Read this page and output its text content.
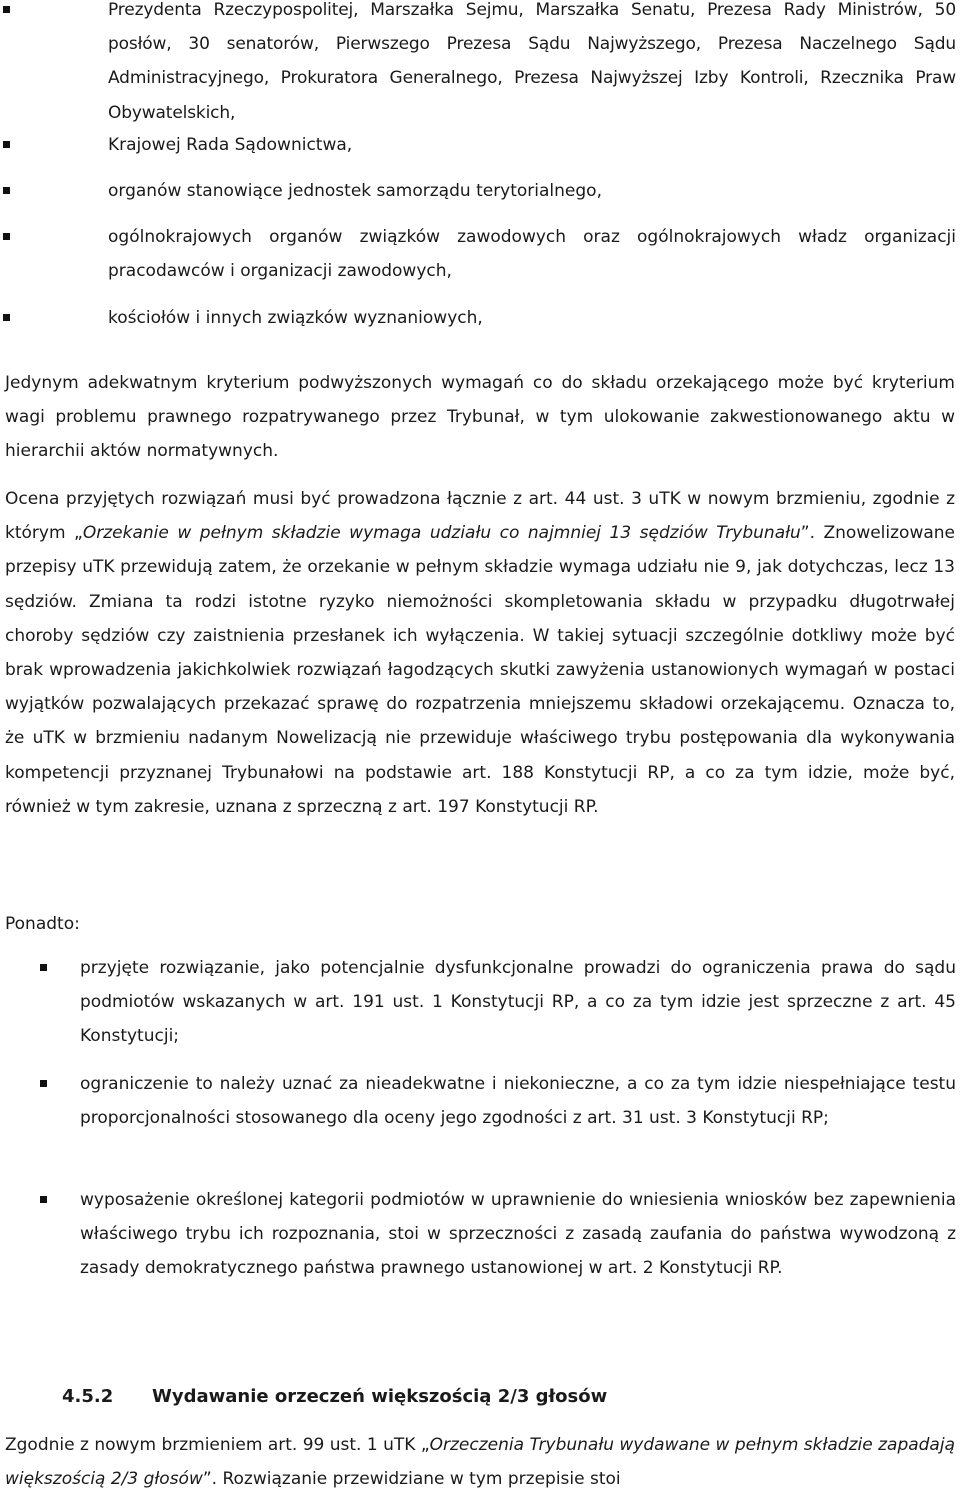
Prezydenta Rzeczypospolitej, Marszałka Sejmu, Marszałka Senatu, Prezesa Rady Ministrów, 50 posłów, 30 senatorów, Pierwszego Prezesa Sądu Najwyższego, Prezesa Naczelnego Sądu Administracyjnego, Prokuratora Generalnego, Prezesa Najwyższej Izby Kontroli, Rzecznika Praw Obywatelskich,
Krajowej Rada Sądownictwa,
organów stanowiące jednostek samorządu terytorialnego,
ogólnokrajowych organów związków zawodowych oraz ogólnokrajowych władz organizacji pracodawców i organizacji zawodowych,
kościołów i innych związków wyznaniowych,

Jedynym adekwatnym kryterium podwyższonych wymagań co do składu orzekającego może być kryterium wagi problemu prawnego rozpatrywanego przez Trybunał, w tym ulokowanie zakwestionowanego aktu w hierarchii aktów normatywnych.

Ocena przyjętych rozwiązań musi być prowadzona łącznie z art. 44 ust. 3 uTK w nowym brzmieniu, zgodnie z którym „Orzekanie w pełnym składzie wymaga udziału co najmniej 13 sędziów Trybunału”. Znowelizowane przepisy uTK przewidują zatem, że orzekanie w pełnym składzie wymaga udziału nie 9, jak dotychczas, lecz 13 sędziów. Zmiana ta rodzi istotne ryzyko niemożności skompletowania składu w przypadku długotrwałej choroby sędziów czy zaistnienia przesłanek ich wyłączenia. W takiej sytuacji szczególnie dotkliwy może być brak wprowadzenia jakichkolwiek rozwiązań łagodzących skutki zawyżenia ustanowionych wymagań w postaci wyjątków pozwalających przekazać sprawę do rozpatrzenia mniejszemu składowi orzekającemu. Oznacza to, że uTK w brzmieniu nadanym Nowelizacją nie przewiduje właściwego trybu postępowania dla wykonywania kompetencji przyznanej Trybunałowi na podstawie art. 188 Konstytucji RP, a co za tym idzie, może być, również w tym zakresie, uznana z sprzeczną z art. 197 Konstytucji RP.

Ponadto:

przyjęte rozwiązanie, jako potencjalnie dysfunkcjonalne prowadzi do ograniczenia prawa do sądu podmiotów wskazanych w art. 191 ust. 1 Konstytucji RP, a co za tym idzie jest sprzeczne z art. 45 Konstytucji;
ograniczenie to należy uznać za nieadekwatne i niekonieczne, a co za tym idzie niespełniające testu proporcjonalności stosowanego dla oceny jego zgodności z art. 31 ust. 3 Konstytucji RP;
wyposażenie określonej kategorii podmiotów w uprawnienie do wniesienia wniosków bez zapewnienia właściwego trybu ich rozpoznania, stoi w sprzeczności z zasadą zaufania do państwa wywodzoną z zasady demokratycznego państwa prawnego ustanowionej w art. 2 Konstytucji RP.
4.5.2 Wydawanie orzeczeń większością 2/3 głosów

Zgodnie z nowym brzmieniem art. 99 ust. 1 uTK „Orzeczenia Trybunału wydawane w pełnym składzie zapadają większością 2/3 głosów”. Rozwiązanie przewidziane w tym przepisie stoi
